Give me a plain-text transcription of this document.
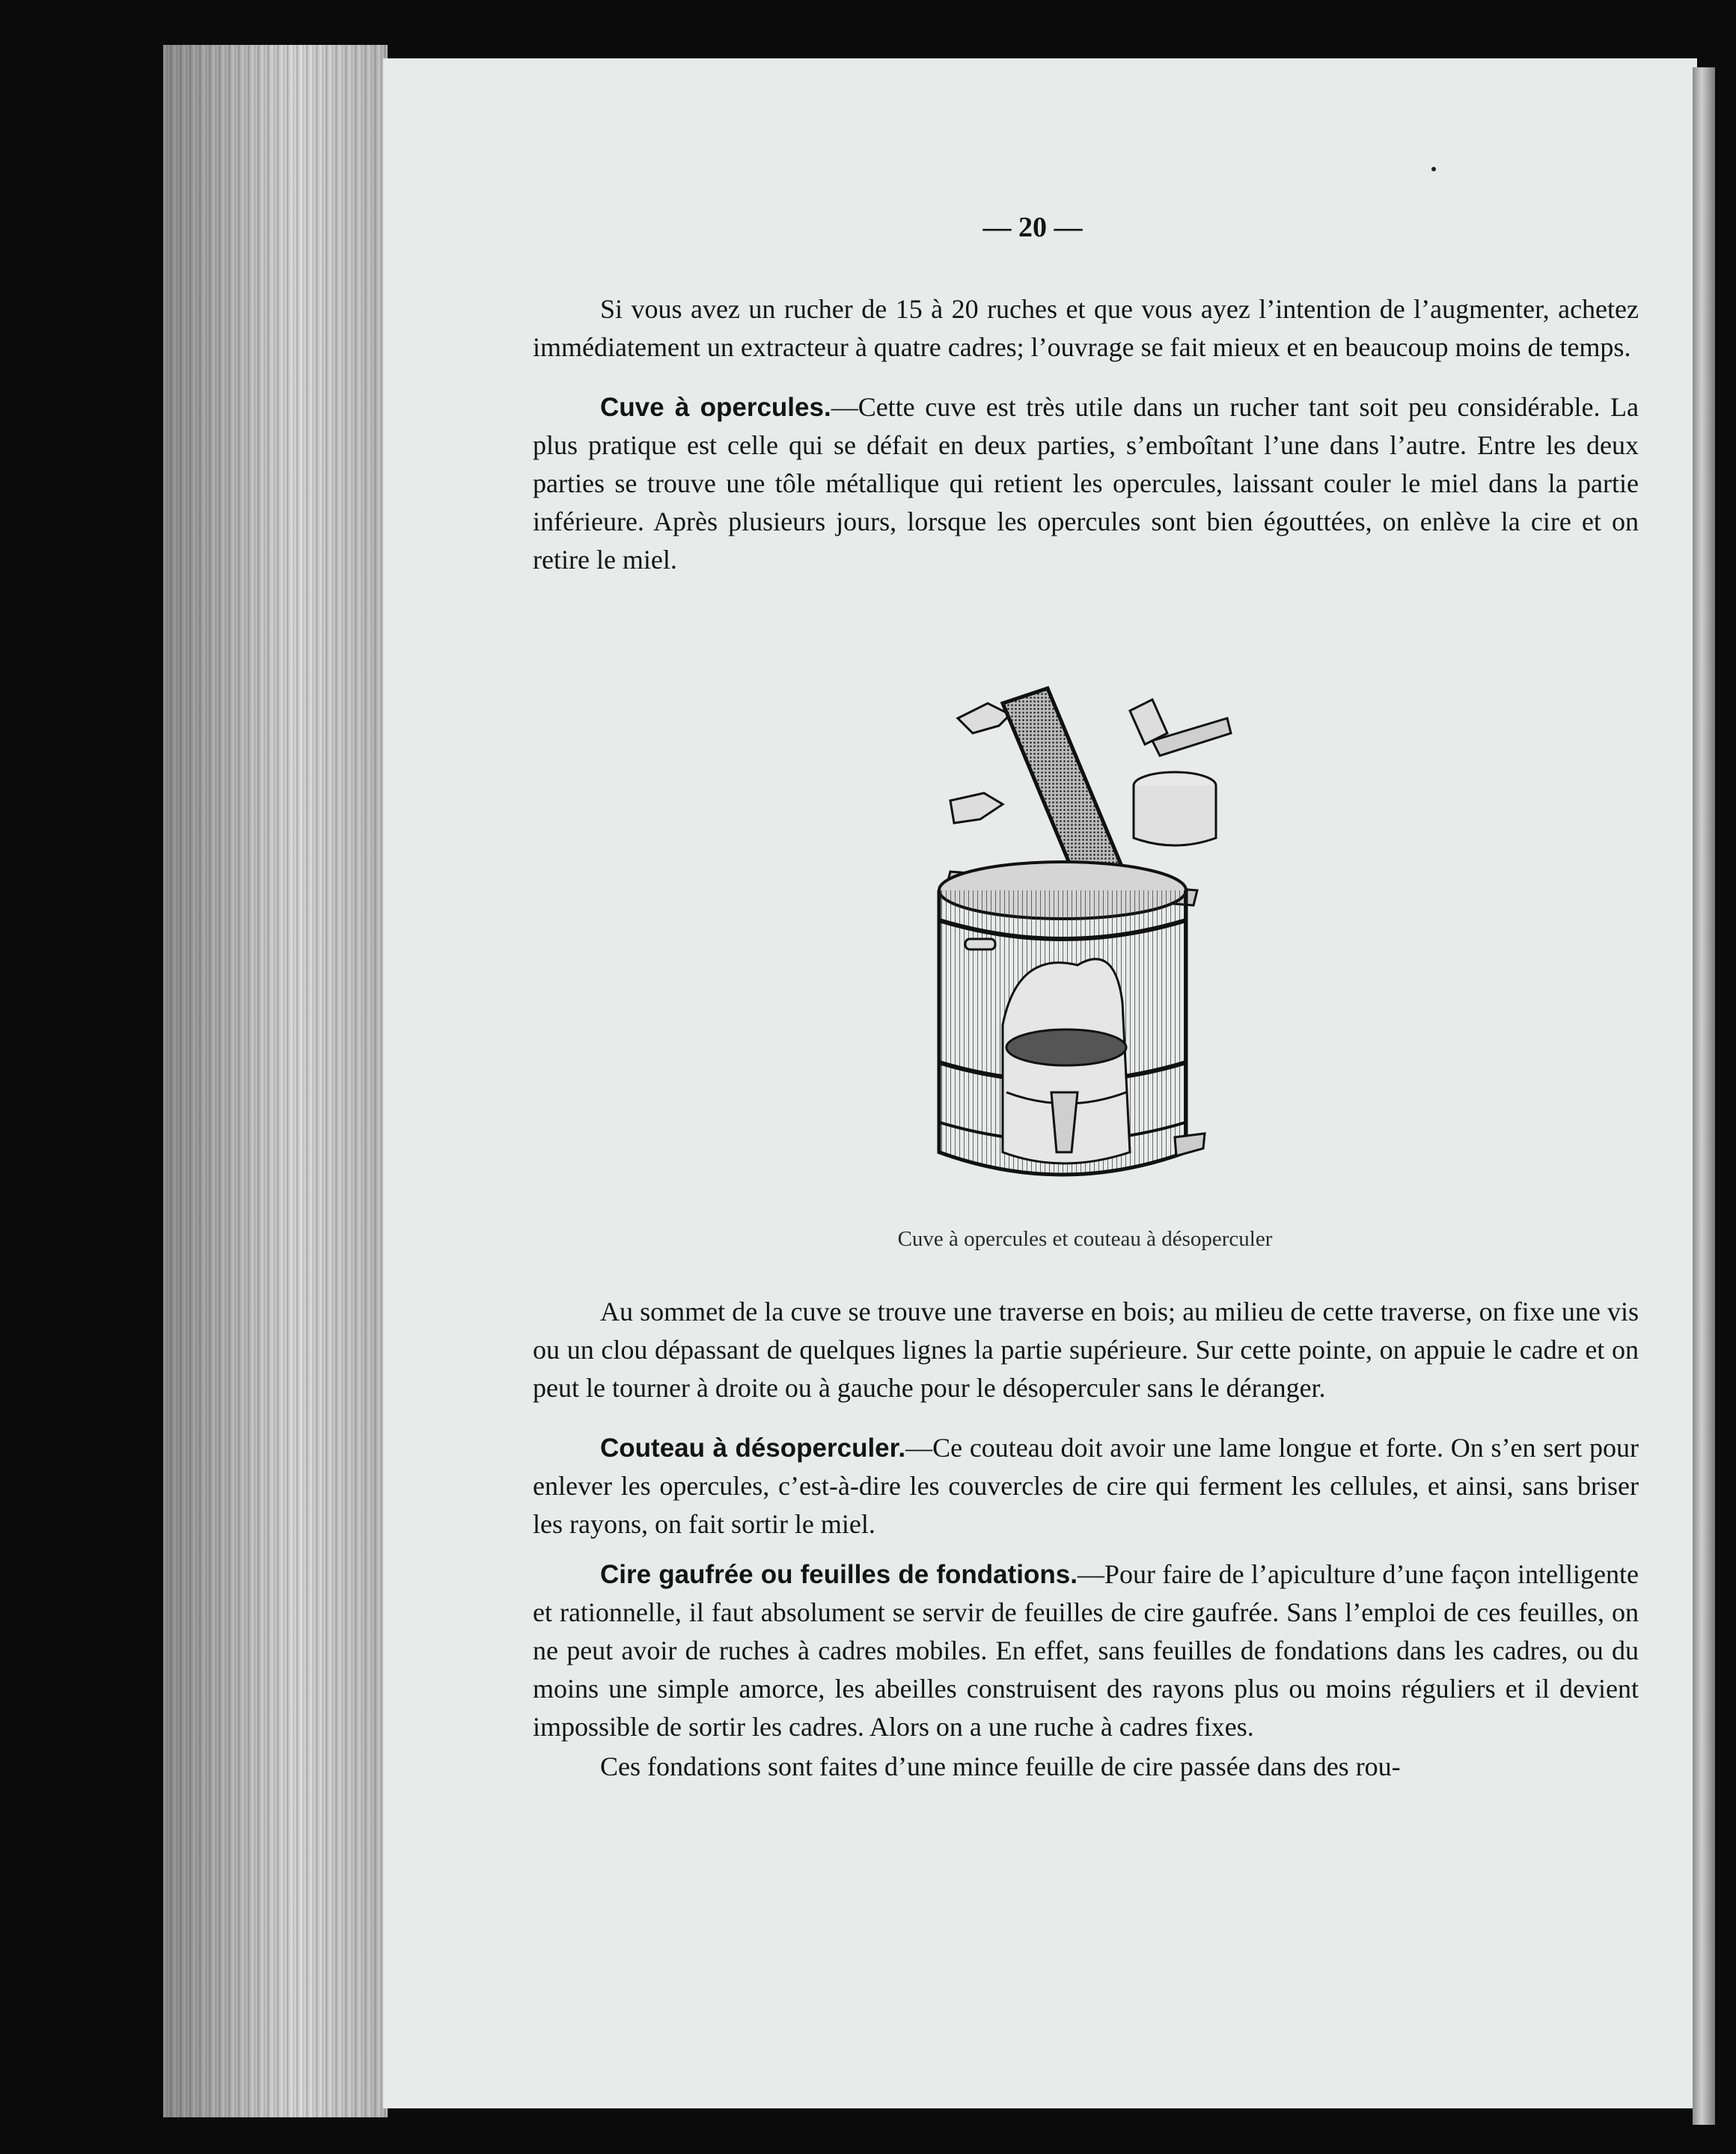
— 20 —

Si vous avez un rucher de 15 à 20 ruches et que vous ayez l’intention de l’augmenter, achetez immédiatement un extracteur à quatre cadres; l’ouvrage se fait mieux et en beaucoup moins de temps.

Cuve à opercules.—Cette cuve est très utile dans un rucher tant soit peu considérable. La plus pratique est celle qui se défait en deux parties, s’emboîtant l’une dans l’autre. Entre les deux parties se trouve une tôle métallique qui retient les opercules, laissant couler le miel dans la partie inférieure. Après plusieurs jours, lorsque les opercules sont bien égouttées, on enlève la cire et on retire le miel.

Cuve à opercules et couteau à désoperculer

Au sommet de la cuve se trouve une traverse en bois; au milieu de cette traverse, on fixe une vis ou un clou dépassant de quelques lignes la partie supérieure. Sur cette pointe, on appuie le cadre et on peut le tourner à droite ou à gauche pour le désoperculer sans le déranger.

Couteau à désoperculer.—Ce couteau doit avoir une lame longue et forte. On s’en sert pour enlever les opercules, c’est-à-dire les couvercles de cire qui ferment les cellules, et ainsi, sans briser les rayons, on fait sortir le miel.

Cire gaufrée ou feuilles de fondations.—Pour faire de l’apiculture d’une façon intelligente et rationnelle, il faut absolument se servir de feuilles de cire gaufrée. Sans l’emploi de ces feuilles, on ne peut avoir de ruches à cadres mobiles. En effet, sans feuilles de fondations dans les cadres, ou du moins une simple amorce, les abeilles construisent des rayons plus ou moins réguliers et il devient impossible de sortir les cadres. Alors on a une ruche à cadres fixes.

Ces fondations sont faites d’une mince feuille de cire passée dans des rou-
